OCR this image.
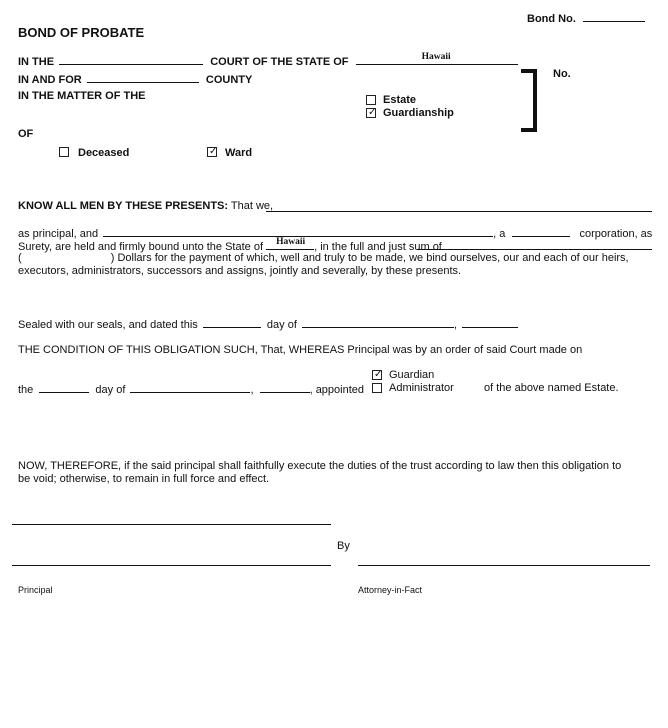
Bond No.
BOND OF PROBATE
IN THE	COURT OF THE STATE OF	Hawaii
IN AND FOR	COUNTY
IN THE MATTER OF THE	Estate
✓ Guardianship
No.
OF
Deceased	✓ Ward
KNOW ALL MEN BY THESE PRESENTS: That we,
as principal, and	, a	corporation, as
Surety, are held and firmly bound unto the State of Hawaii , in the full and just sum of
(	) Dollars for the payment of which, well and truly to be made, we bind ourselves, our and each of our heirs,
executors, administrators, successors and assigns, jointly and severally, by these presents.
Sealed with our seals, and dated this	day of	,
THE CONDITION OF THIS OBLIGATION SUCH, That, WHEREAS Principal was by an order of said Court made on
the	day of	,	, appointed
✓ Guardian
Administrator	of the above named Estate.
NOW, THEREFORE, if the said principal shall faithfully execute the duties of the trust according to law then this obligation to
be void; otherwise, to remain in full force and effect.
By
Principal	Attorney-in-Fact
